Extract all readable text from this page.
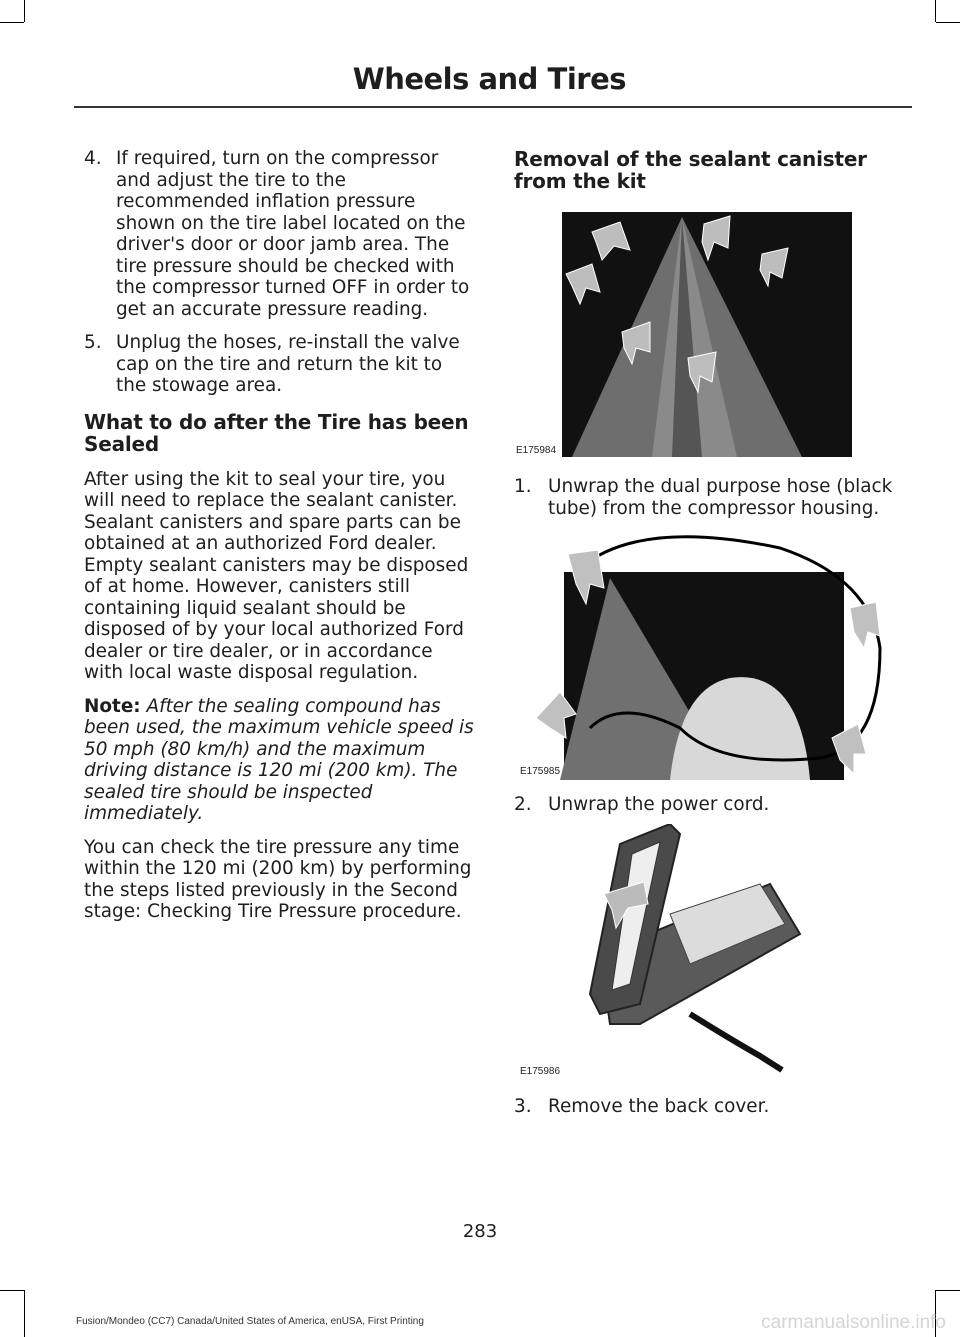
Wheels and Tires
4. If required, turn on the compressor and adjust the tire to the recommended inflation pressure shown on the tire label located on the driver's door or door jamb area. The tire pressure should be checked with the compressor turned OFF in order to get an accurate pressure reading.
5. Unplug the hoses, re-install the valve cap on the tire and return the kit to the stowage area.
What to do after the Tire has been Sealed

After using the kit to seal your tire, you will need to replace the sealant canister. Sealant canisters and spare parts can be obtained at an authorized Ford dealer. Empty sealant canisters may be disposed of at home. However, canisters still containing liquid sealant should be disposed of by your local authorized Ford dealer or tire dealer, or in accordance with local waste disposal regulation.

Note: After the sealing compound has been used, the maximum vehicle speed is 50 mph (80 km/h) and the maximum driving distance is 120 mi (200 km). The sealed tire should be inspected immediately.

You can check the tire pressure any time within the 120 mi (200 km) by performing the steps listed previously in the Second stage: Checking Tire Pressure procedure.

Removal of the sealant canister from the kit
E175984
1. Unwrap the dual purpose hose (black tube) from the compressor housing.
E175985
2. Unwrap the power cord.
E175986
3. Remove the back cover.
283
Fusion/Mondeo (CC7) Canada/United States of America, enUSA, First Printing	carmanualsonline.info
